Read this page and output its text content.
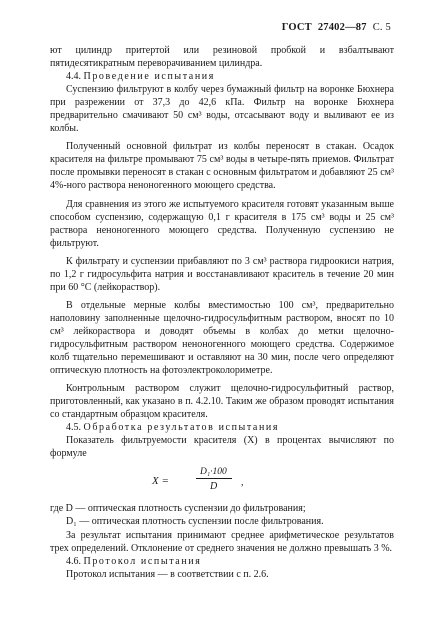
ГОСТ 27402—87 С. 5

ют цилиндр притертой или резиновой пробкой и взбалтывают пятидесятикратным переворачиванием цилиндра.

4.4. Проведение испытания

Суспензию фильтруют в колбу через бумажный фильтр на воронке Бюхнера при разрежении от 37,3 до 42,6 кПа. Фильтр на воронке Бюхнера предварительно смачивают 50 см³ воды, отсасывают воду и выливают ее из колбы.

Полученный основной фильтрат из колбы переносят в стакан. Осадок красителя на фильтре промывают 75 см³ воды в четыре-пять приемов. Фильтрат после промывки переносят в стакан с основным фильтратом и добавляют 25 см³ 4%-ного раствора неноногенного моющего средства.

Для сравнения из этого же испытуемого красителя готовят указанным выше способом суспензию, содержащую 0,1 г красителя в 175 см³ воды и 25 см³ раствора неноногенного моющего средства. Полученную суспензию не фильтруют.

К фильтрату и суспензии прибавляют по 3 см³ раствора гидроокиси натрия, по 1,2 г гидросульфита натрия и восстанавливают краситель в течение 20 мин при 60 °С (лейкораствор).

В отдельные мерные колбы вместимостью 100 см³, предварительно наполовину заполненные щелочно-гидросульфитным раствором, вносят по 10 см³ лейкораствора и доводят объемы в колбах до метки щелочно-гидросульфитным раствором неноногенного моющего средства. Содержимое колб тщательно перемешивают и оставляют на 30 мин, после чего определяют оптическую плотность на фотоэлектроколориметре.

Контрольным раствором служит щелочно-гидросульфитный раствор, приготовленный, как указано в п. 4.2.10. Таким же образом проводят испытания со стандартным образцом красителя.

4.5. Обработка результатов испытания

Показатель фильтруемости красителя (X) в процентах вычисляют по формуле

X =
D₁·100
D ,

где D — оптическая плотность суспензии до фильтрования;

D₁ — оптическая плотность суспензии после фильтрования.

За результат испытания принимают среднее арифметическое результатов трех определений. Отклонение от среднего значения не должно превышать 3 %.

4.6. Протокол испытания

Протокол испытания — в соответствии с п. 2.6.
